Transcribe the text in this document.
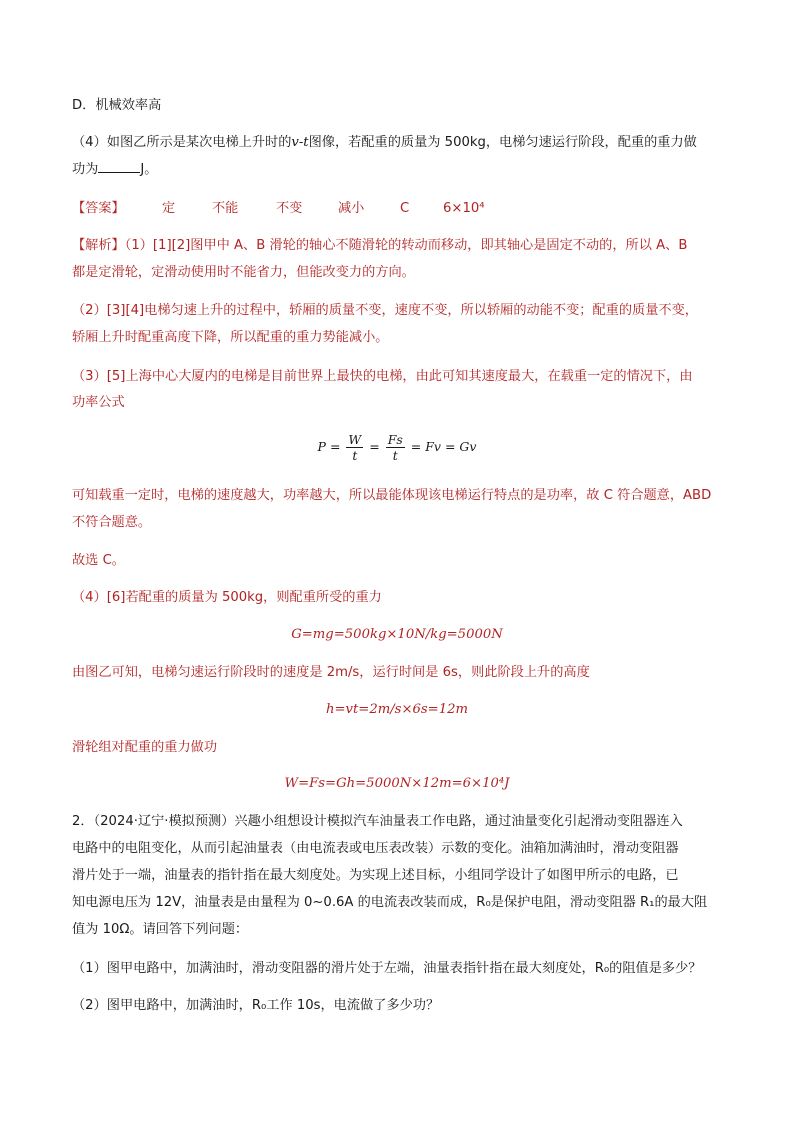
D．机械效率高
（4）如图乙所示是某次电梯上升时的v-t图像，若配重的质量为 500kg，电梯匀速运行阶段，配重的重力做
功为	J。
【答案】	定	不能	不变	减小	C	6×10⁴
【解析】（1）[1][2]图甲中 A、B 滑轮的轴心不随滑轮的转动而移动，即其轴心是固定不动的，所以 A、B
都是定滑轮，定滑动使用时不能省力，但能改变力的方向。
（2）[3][4]电梯匀速上升的过程中，轿厢的质量不变，速度不变，所以轿厢的动能不变；配重的质量不变，
轿厢上升时配重高度下降，所以配重的重力势能减小。
（3）[5]上海中心大厦内的电梯是目前世界上最快的电梯，由此可知其速度最大，在载重一定的情况下，由
功率公式
$P = \frac{W}{t} = \frac{Fs}{t} = Fv = Gv$
可知载重一定时，电梯的速度越大，功率越大，所以最能体现该电梯运行特点的是功率，故 C 符合题意，ABD
不符合题意。
故选 C。
（4）[6]若配重的质量为 500kg，则配重所受的重力
G=mg=500kg×10N/kg=5000N
由图乙可知，电梯匀速运行阶段时的速度是 2m/s，运行时间是 6s，则此阶段上升的高度
h=vt=2m/s×6s=12m
滑轮组对配重的重力做功
W=Fs=Gh=5000N×12m=6×10⁴J
2．（2024·辽宁·模拟预测）兴趣小组想设计模拟汽车油量表工作电路，通过油量变化引起滑动变阻器连入
电路中的电阻变化，从而引起油量表（由电流表或电压表改装）示数的变化。油箱加满油时，滑动变阻器
滑片处于一端，油量表的指针指在最大刻度处。为实现上述目标，小组同学设计了如图甲所示的电路，已
知电源电压为 12V，油量表是由量程为 0~0.6A 的电流表改装而成，R₀是保护电阻，滑动变阻器 R₁的最大阻
值为 10Ω。请回答下列问题：
（1）图甲电路中，加满油时，滑动变阻器的滑片处于左端，油量表指针指在最大刻度处，R₀的阻值是多少？
（2）图甲电路中，加满油时，R₀工作 10s，电流做了多少功？
